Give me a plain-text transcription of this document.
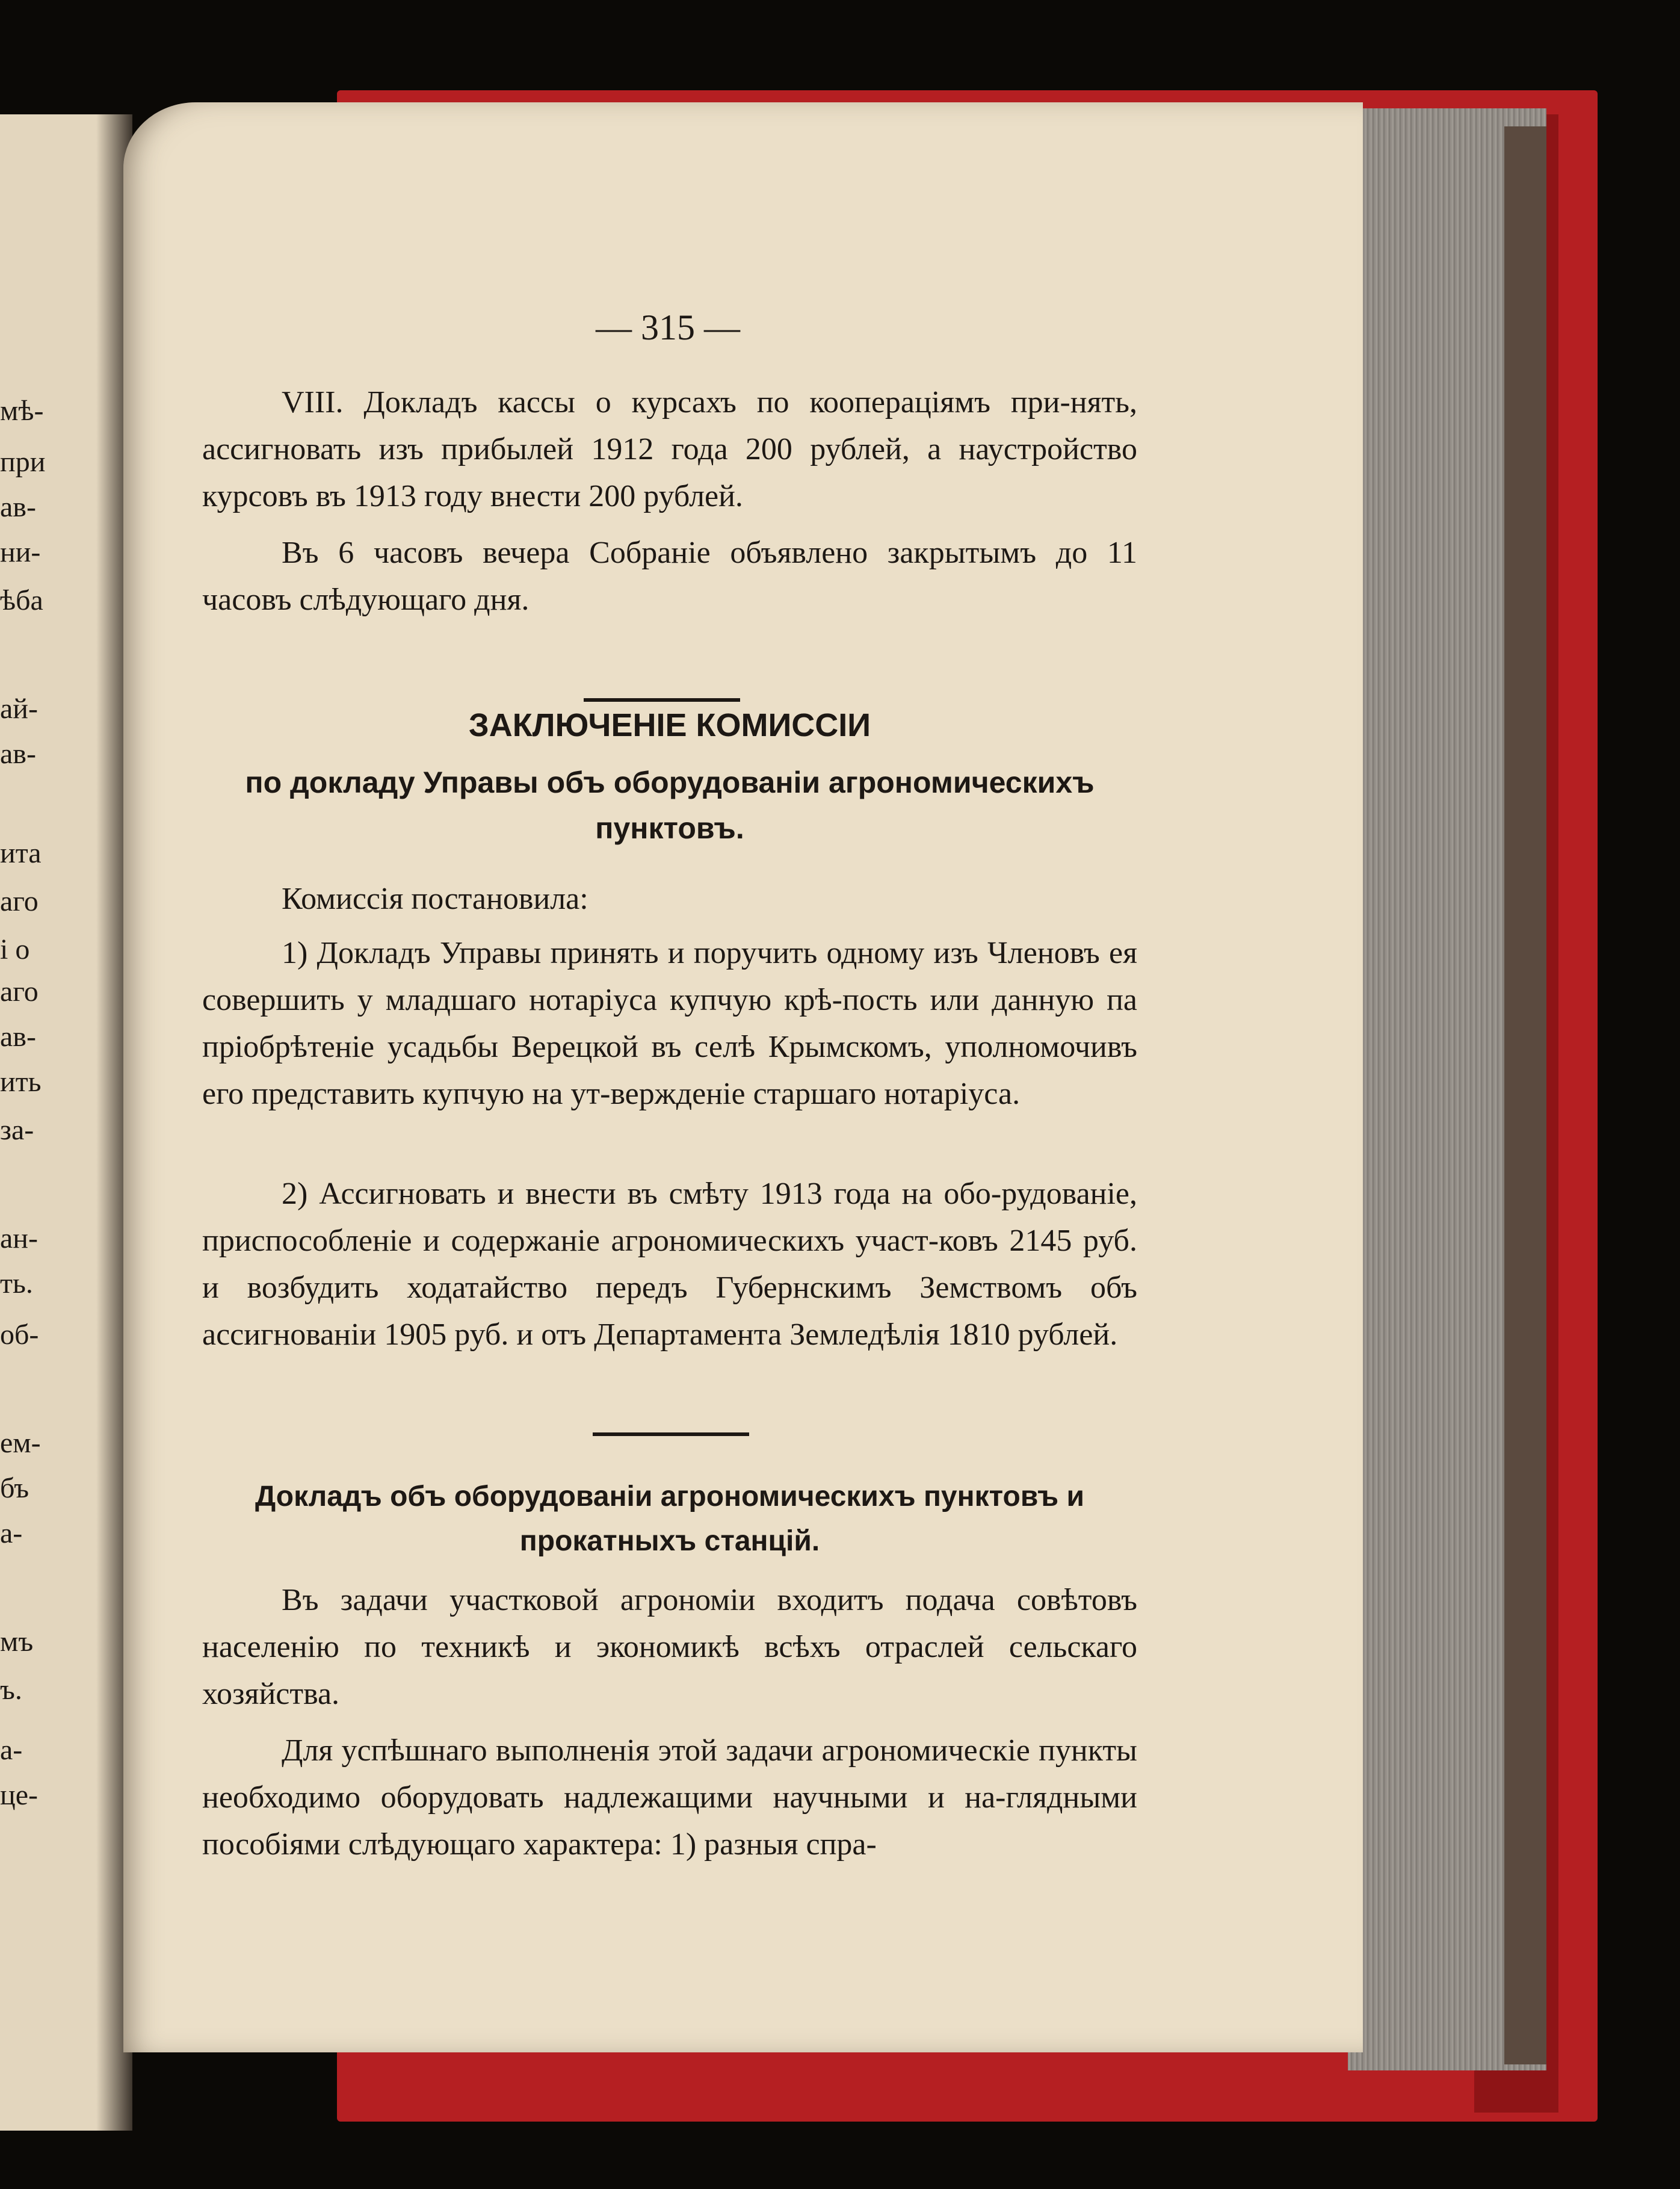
мѣ-
при
ав-
ни-
ѣба
ай-
ав-
ита
аго
і о
аго
ав-
ить
за-
ан-
ть.
об-
ем-
бъ
а-
мъ
ъ.
а-
це-
— 315 —

VIII. Докладъ кассы о курсахъ по кооперацiямъ при-нять, ассигновать изъ прибылей 1912 года 200 рублей, а наустройство курсовъ въ 1913 году внести 200 рублей.

Въ 6 часовъ вечера Собранiе объявлено закрытымъ до 11 часовъ слѣдующаго дня.

ЗАКЛЮЧЕНІЕ КОМИССІИ
по докладу Управы объ оборудованіи агрономическихъ пунктовъ.

Комиссія постановила:

1) Докладъ Управы принять и поручить одному изъ Членовъ ея совершить у младшаго нотаріуса купчую крѣ-пость или данную па пріобрѣтеніе усадьбы Верецкой въ селѣ Крымскомъ, уполномочивъ его представить купчую на ут-вержденіе старшаго нотаріуса.

2) Ассигновать и внести въ смѣту 1913 года на обо-рудованіе, приспособленіе и содержаніе агрономическихъ участ-ковъ 2145 руб. и возбудить ходатайство передъ Губернскимъ Земствомъ объ ассигнованіи 1905 руб. и отъ Департамента Земледѣлія 1810 рублей.

Докладъ объ оборудованіи агрономическихъ пунктовъ и прокатныхъ станцій.

Въ задачи участковой агрономіи входитъ подача совѣтовъ населенію по техникѣ и экономикѣ всѣхъ отраслей сельскаго хозяйства.

Для успѣшнаго выполненія этой задачи агрономическіе пункты необходимо оборудовать надлежащими научными и на-глядными пособіями слѣдующаго характера: 1) разныя спра-
